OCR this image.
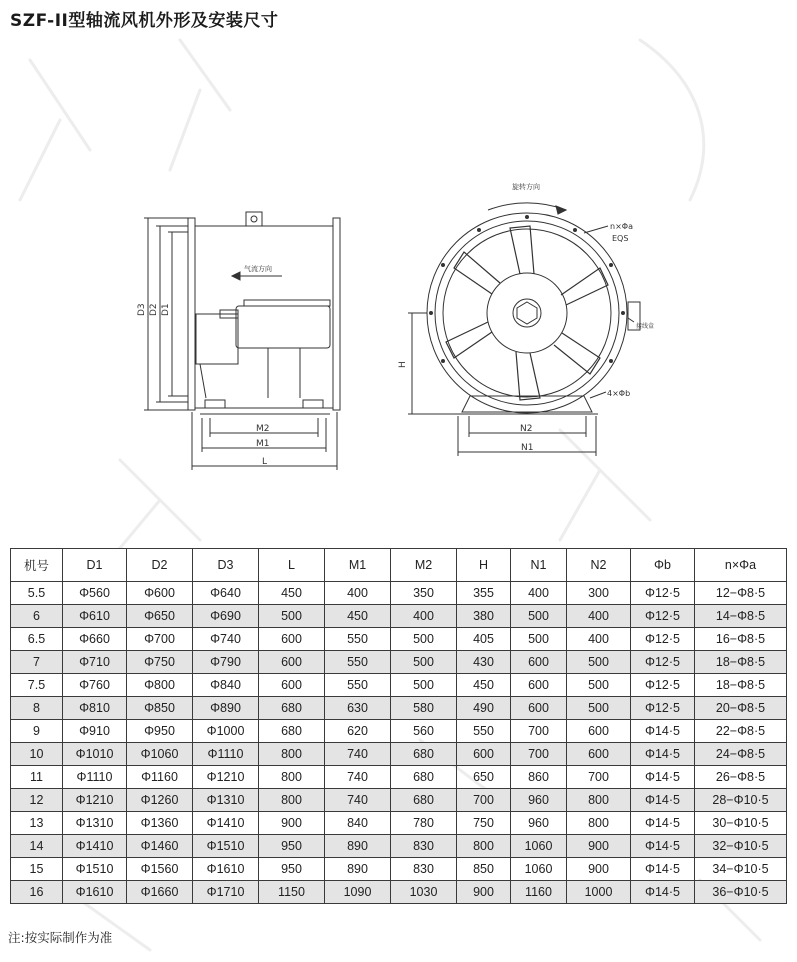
SZF-II型轴流风机外形及安装尺寸
D3 D2 D1
气流方向
M2
M1
L
旋转方向
n×Φa
EQS
H
4×Φb
N2
N1
接线盒
机号	D1	D2	D3	L	M1	M2	H	N1	N2	Φb	n×Φa
5.5	Φ560	Φ600	Φ640	450	400	350	355	400	300	Φ12·5	12−Φ8·5
6	Φ610	Φ650	Φ690	500	450	400	380	500	400	Φ12·5	14−Φ8·5
6.5	Φ660	Φ700	Φ740	600	550	500	405	500	400	Φ12·5	16−Φ8·5
7	Φ710	Φ750	Φ790	600	550	500	430	600	500	Φ12·5	18−Φ8·5
7.5	Φ760	Φ800	Φ840	600	550	500	450	600	500	Φ12·5	18−Φ8·5
8	Φ810	Φ850	Φ890	680	630	580	490	600	500	Φ12·5	20−Φ8·5
9	Φ910	Φ950	Φ1000	680	620	560	550	700	600	Φ14·5	22−Φ8·5
10	Φ1010	Φ1060	Φ1110	800	740	680	600	700	600	Φ14·5	24−Φ8·5
11	Φ1110	Φ1160	Φ1210	800	740	680	650	860	700	Φ14·5	26−Φ8·5
12	Φ1210	Φ1260	Φ1310	800	740	680	700	960	800	Φ14·5	28−Φ10·5
13	Φ1310	Φ1360	Φ1410	900	840	780	750	960	800	Φ14·5	30−Φ10·5
14	Φ1410	Φ1460	Φ1510	950	890	830	800	1060	900	Φ14·5	32−Φ10·5
15	Φ1510	Φ1560	Φ1610	950	890	830	850	1060	900	Φ14·5	34−Φ10·5
16	Φ1610	Φ1660	Φ1710	1150	1090	1030	900	1160	1000	Φ14·5	36−Φ10·5
注:按实际制作为准
